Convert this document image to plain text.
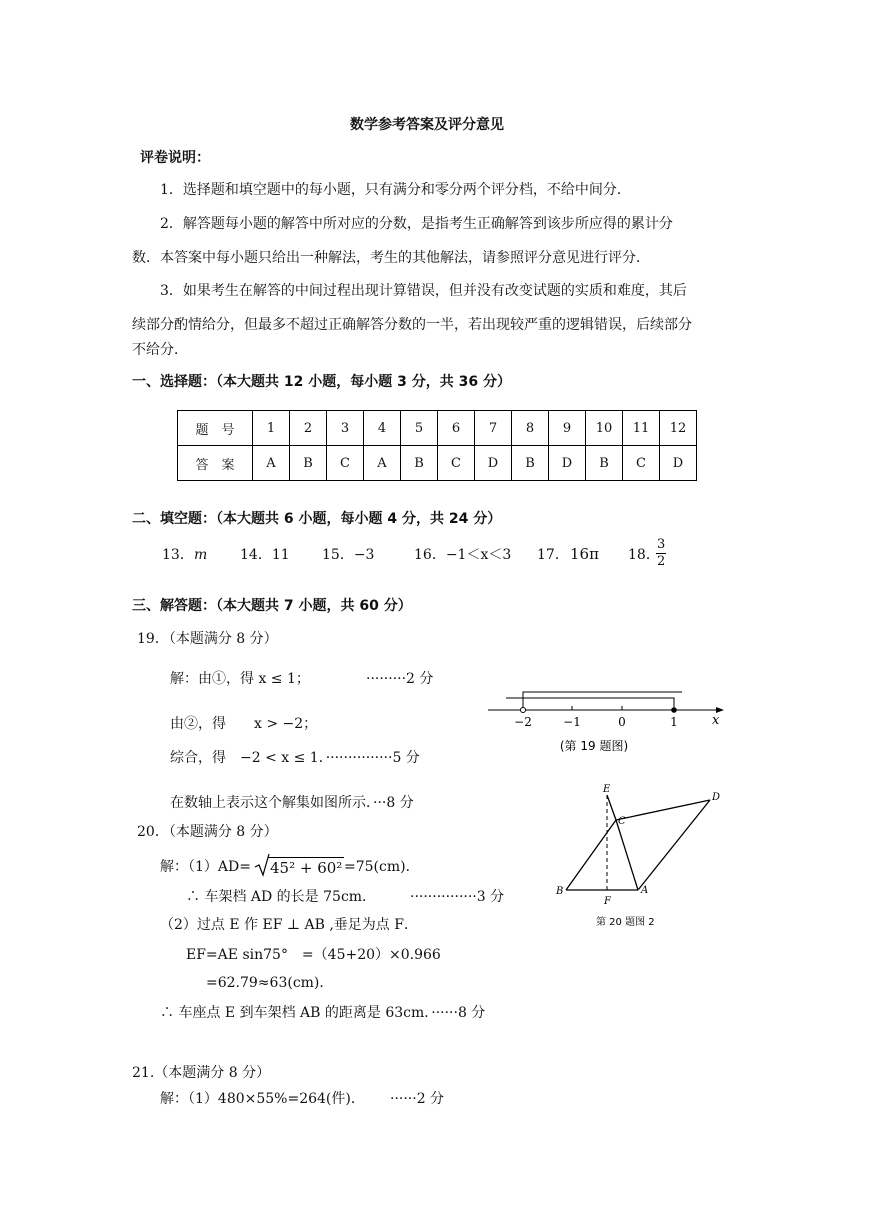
数学参考答案及评分意见
评卷说明：
1．选择题和填空题中的每小题，只有满分和零分两个评分档，不给中间分．
2．解答题每小题的解答中所对应的分数，是指考生正确解答到该步所应得的累计分
数．本答案中每小题只给出一种解法，考生的其他解法，请参照评分意见进行评分．
3．如果考生在解答的中间过程出现计算错误，但并没有改变试题的实质和难度，其后
续部分酌情给分，但最多不超过正确解答分数的一半，若出现较严重的逻辑错误，后续部分
不给分．
一、选择题：（本大题共 12 小题，每小题 3 分，共 36 分）
题　号	1	2	3	4	5	6	7	8	9	10	11	12
答　案	A	B	C	A	B	C	D	B	D	B	C	D
二、填空题：（本大题共 6 小题，每小题 4 分，共 24 分）
13． m 14．11 15．−3	16．−1＜x＜3 17． 16π 18．
$\frac{3}{2}$
三、解答题：（本大题共 7 小题，共 60 分）
19．（本题满分 8 分）
解：由①，得 x ≤ 1；	·········2 分
由②，得　　x > −2；
综合，得　−2 < x ≤ 1．···············5 分
在数轴上表示这个解集如图所示．···8 分
−2	−1	0	1	x
(第 19 题图)
20．（本题满分 8 分）
解：（1）AD= 45² + 60² =75(cm)．
∴ 车架档 AD 的长是 75cm． ···············3 分
（2）过点 E 作 EF ⊥ AB ,垂足为点 F．
EF=AE sin75°　=（45+20）×0.966
=62.79≈63(cm)．
∴ 车座点 E 到车架档 AB 的距离是 63cm．······8 分
E
D
C
B
F
A
第 20 题图 2
21.（本题满分 8 分）
解：（1）480×55%=264(件)． ······2 分
